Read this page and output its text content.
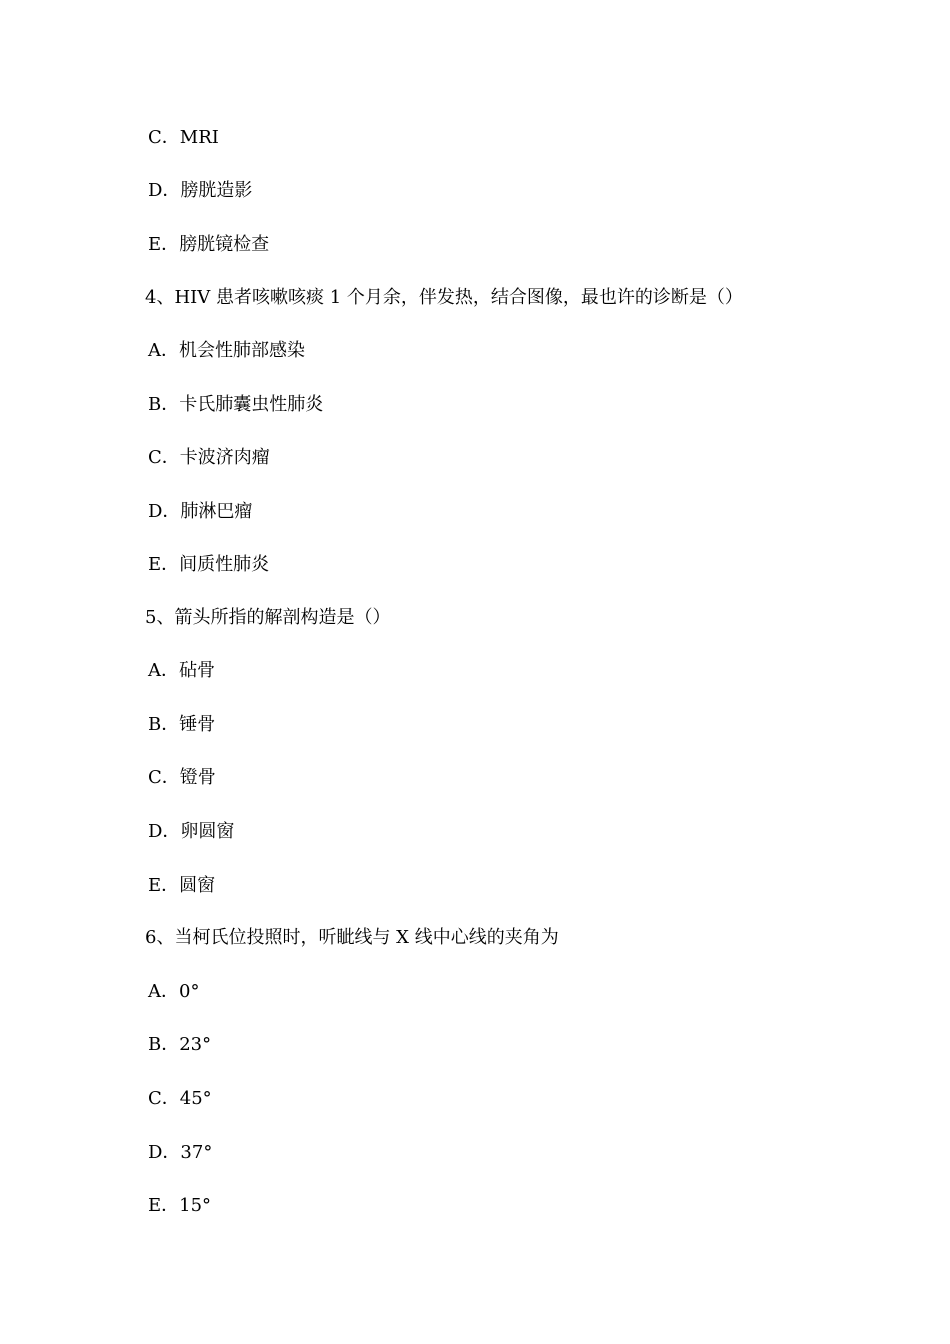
C．MRI
D．膀胱造影
E．膀胱镜检查
4、HIV 患者咳嗽咳痰 1 个月余，伴发热，结合图像，最也许的诊断是（）
A．机会性肺部感染
B．卡氏肺囊虫性肺炎
C．卡波济肉瘤
D．肺淋巴瘤
E．间质性肺炎
5、箭头所指的解剖构造是（）
A．砧骨
B．锤骨
C．镫骨
D．卵圆窗
E．圆窗
6、当柯氏位投照时，听眦线与 X 线中心线的夹角为
A．0°
B．23°
C．45°
D．37°
E．15°
